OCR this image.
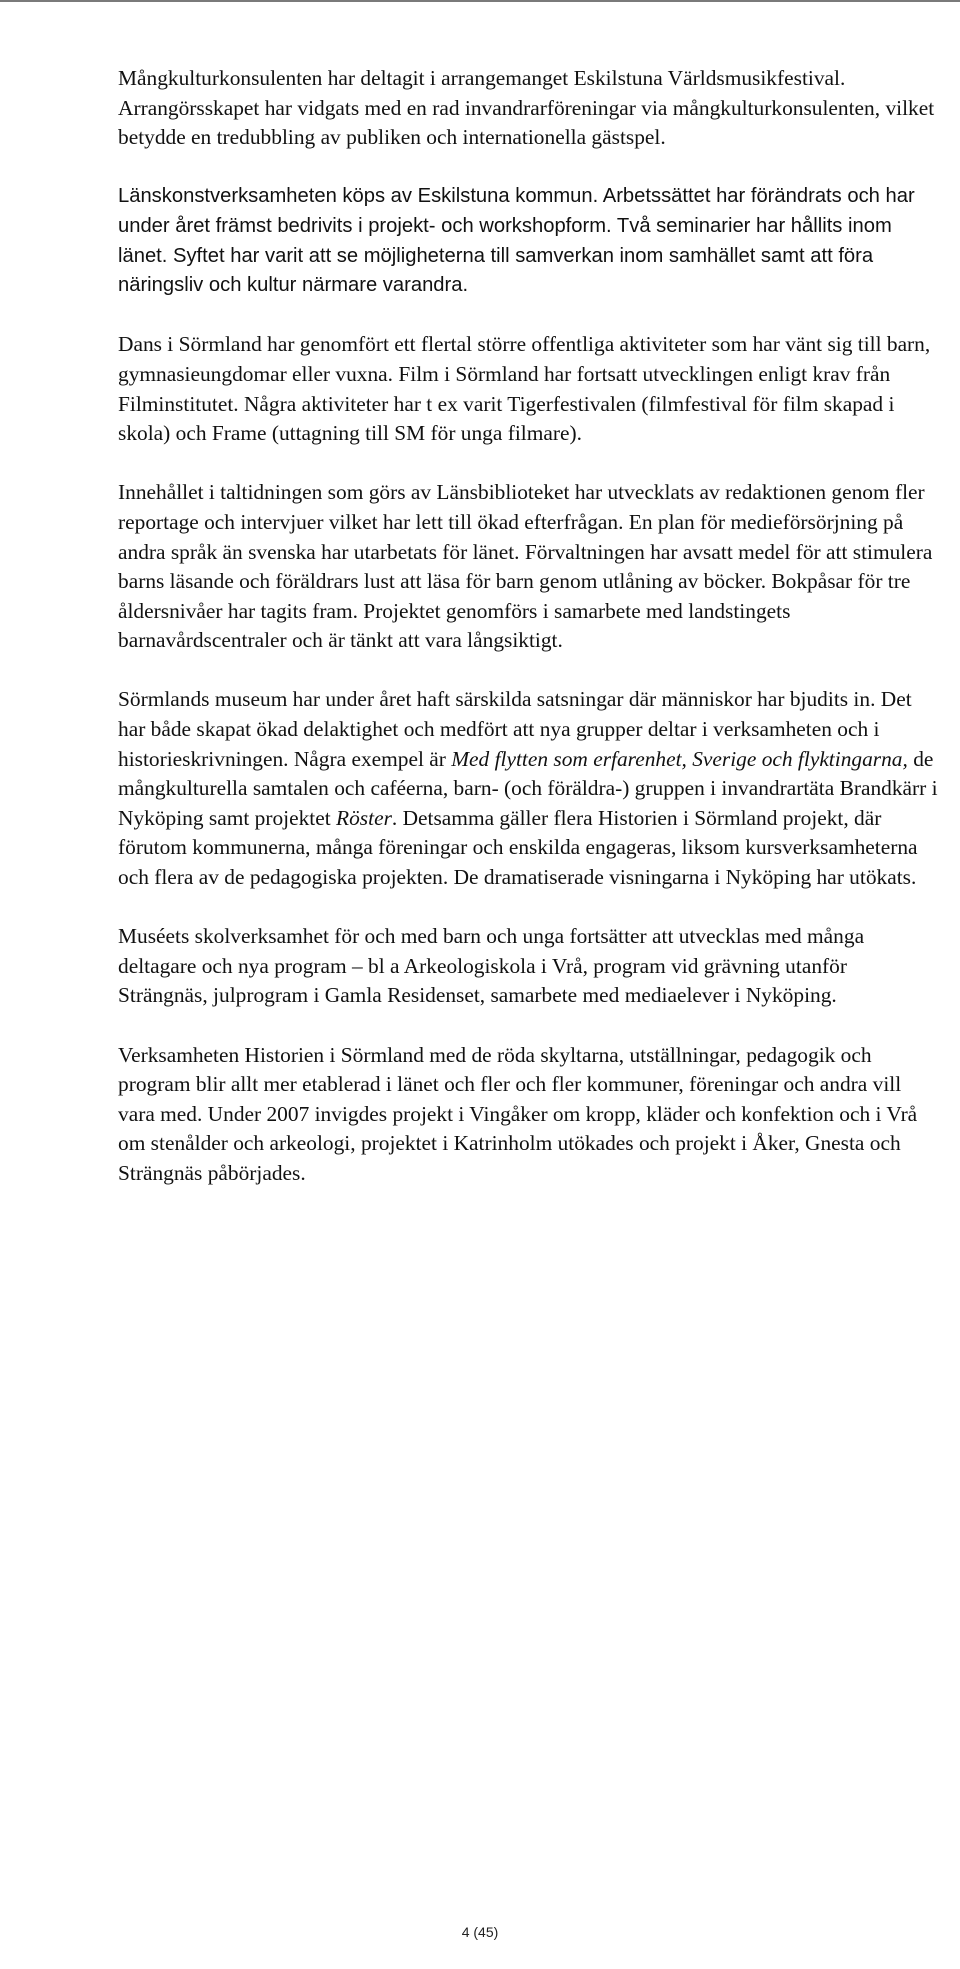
Mångkulturkonsulenten har deltagit i arrangemanget Eskilstuna Världsmusikfestival. Arrangörsskapet har vidgats med en rad invandrarföreningar via mångkulturkonsulenten, vilket betydde en tredubbling av publiken och internationella gästspel.

Länskonstverksamheten köps av Eskilstuna kommun. Arbetssättet har förändrats och har under året främst bedrivits i projekt- och workshopform. Två seminarier har hållits inom länet. Syftet har varit att se möjligheterna till samverkan inom samhället samt att föra näringsliv och kultur närmare varandra.

Dans i Sörmland har genomfört ett flertal större offentliga aktiviteter som har vänt sig till barn, gymnasieungdomar eller vuxna. Film i Sörmland har fortsatt utvecklingen enligt krav från Filminstitutet. Några aktiviteter har t ex varit Tigerfestivalen (filmfestival för film skapad i skola) och Frame (uttagning till SM för unga filmare).

Innehållet i taltidningen som görs av Länsbiblioteket har utvecklats av redaktionen genom fler reportage och intervjuer vilket har lett till ökad efterfrågan. En plan för medieförsörjning på andra språk än svenska har utarbetats för länet. Förvaltningen har avsatt medel för att stimulera barns läsande och föräldrars lust att läsa för barn genom utlåning av böcker. Bokpåsar för tre åldersnivåer har tagits fram. Projektet genomförs i samarbete med landstingets barnavårdscentraler och är tänkt att vara långsiktigt.

Sörmlands museum har under året haft särskilda satsningar där människor har bjudits in. Det har både skapat ökad delaktighet och medfört att nya grupper deltar i verksamheten och i historieskrivningen. Några exempel är Med flytten som erfarenhet, Sverige och flyktingarna, de mångkulturella samtalen och caféerna, barn- (och föräldra-) gruppen i invandrartäta Brandkärr i Nyköping samt projektet Röster. Detsamma gäller flera Historien i Sörmland projekt, där förutom kommunerna, många föreningar och enskilda engageras, liksom kursverksamheterna och flera av de pedagogiska projekten. De dramatiserade visningarna i Nyköping har utökats.

Muséets skolverksamhet för och med barn och unga fortsätter att utvecklas med många deltagare och nya program – bl a Arkeologiskola i Vrå, program vid grävning utanför Strängnäs, julprogram i Gamla Residenset, samarbete med mediaelever i Nyköping.

Verksamheten Historien i Sörmland med de röda skyltarna, utställningar, pedagogik och program blir allt mer etablerad i länet och fler och fler kommuner, föreningar och andra vill vara med. Under 2007 invigdes projekt i Vingåker om kropp, kläder och konfektion och i Vrå om stenålder och arkeologi, projektet i Katrinholm utökades och projekt i Åker, Gnesta och Strängnäs påbörjades.

4 (45)
